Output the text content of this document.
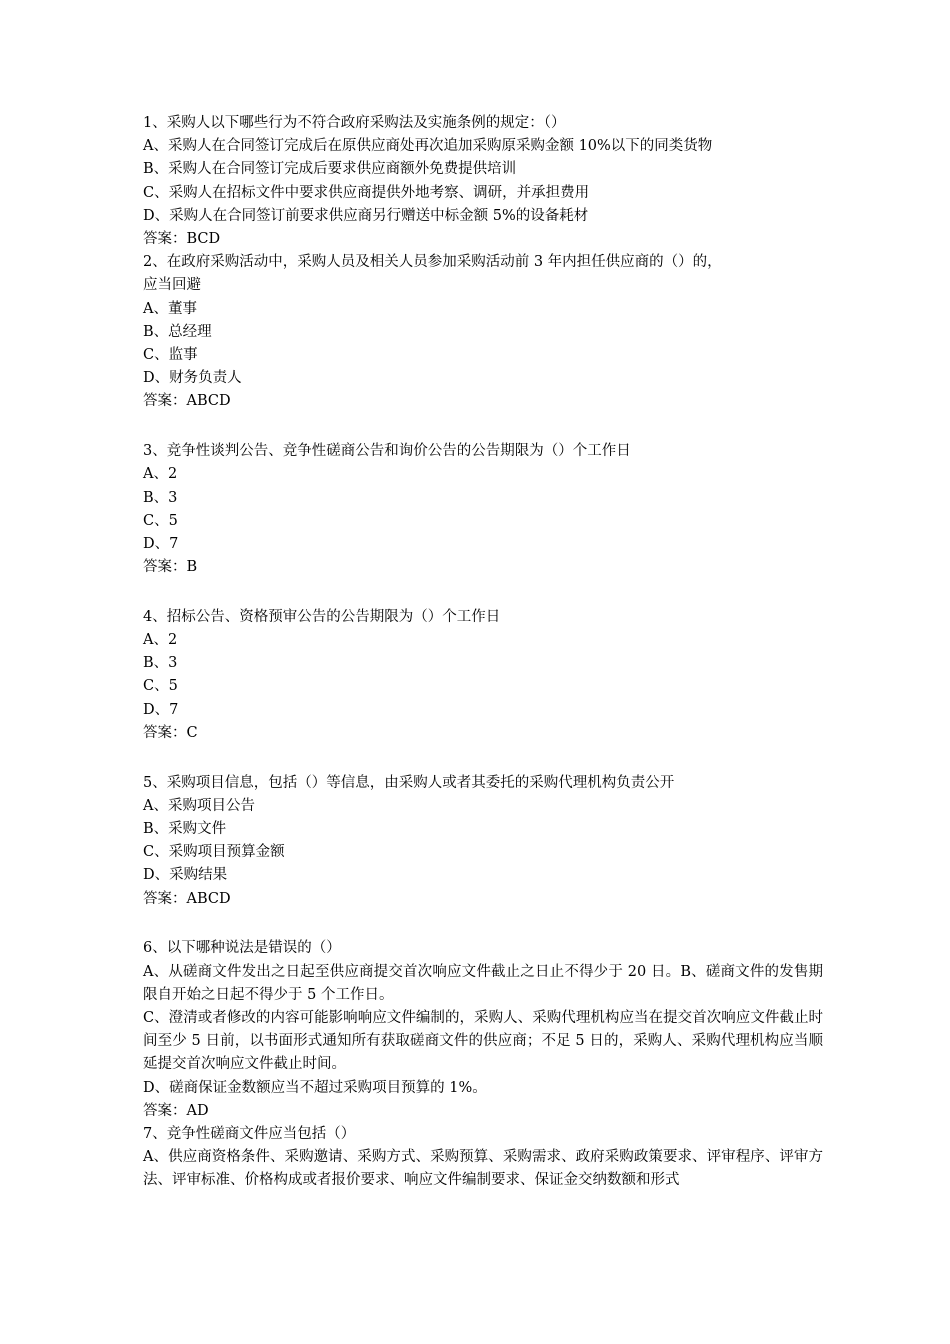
1、采购人以下哪些行为不符合政府采购法及实施条例的规定：（）

A、采购人在合同签订完成后在原供应商处再次追加采购原采购金额 10%以下的同类货物

B、采购人在合同签订完成后要求供应商额外免费提供培训

C、采购人在招标文件中要求供应商提供外地考察、调研，并承担费用

D、采购人在合同签订前要求供应商另行赠送中标金额 5%的设备耗材

答案：BCD

2、在政府采购活动中，采购人员及相关人员参加采购活动前 3 年内担任供应商的（）的，

应当回避

A、董事

B、总经理

C、监事

D、财务负责人

答案：ABCD

3、竞争性谈判公告、竞争性磋商公告和询价公告的公告期限为（）个工作日

A、2

B、3

C、5

D、7

答案：B

4、招标公告、资格预审公告的公告期限为（）个工作日

A、2

B、3

C、5

D、7

答案：C

5、采购项目信息，包括（）等信息，由采购人或者其委托的采购代理机构负责公开

A、采购项目公告

B、采购文件

C、采购项目预算金额

D、采购结果

答案：ABCD

6、以下哪种说法是错误的（）

A、从磋商文件发出之日起至供应商提交首次响应文件截止之日止不得少于 20 日。B、磋商文件的发售期限自开始之日起不得少于 5 个工作日。

C、澄清或者修改的内容可能影响响应文件编制的，采购人、采购代理机构应当在提交首次响应文件截止时间至少 5 日前，以书面形式通知所有获取磋商文件的供应商；不足 5 日的，采购人、采购代理机构应当顺延提交首次响应文件截止时间。

D、磋商保证金数额应当不超过采购项目预算的 1%。

答案：AD

7、竞争性磋商文件应当包括（）

A、供应商资格条件、采购邀请、采购方式、采购预算、采购需求、政府采购政策要求、评审程序、评审方法、评审标准、价格构成或者报价要求、响应文件编制要求、保证金交纳数额和形式
